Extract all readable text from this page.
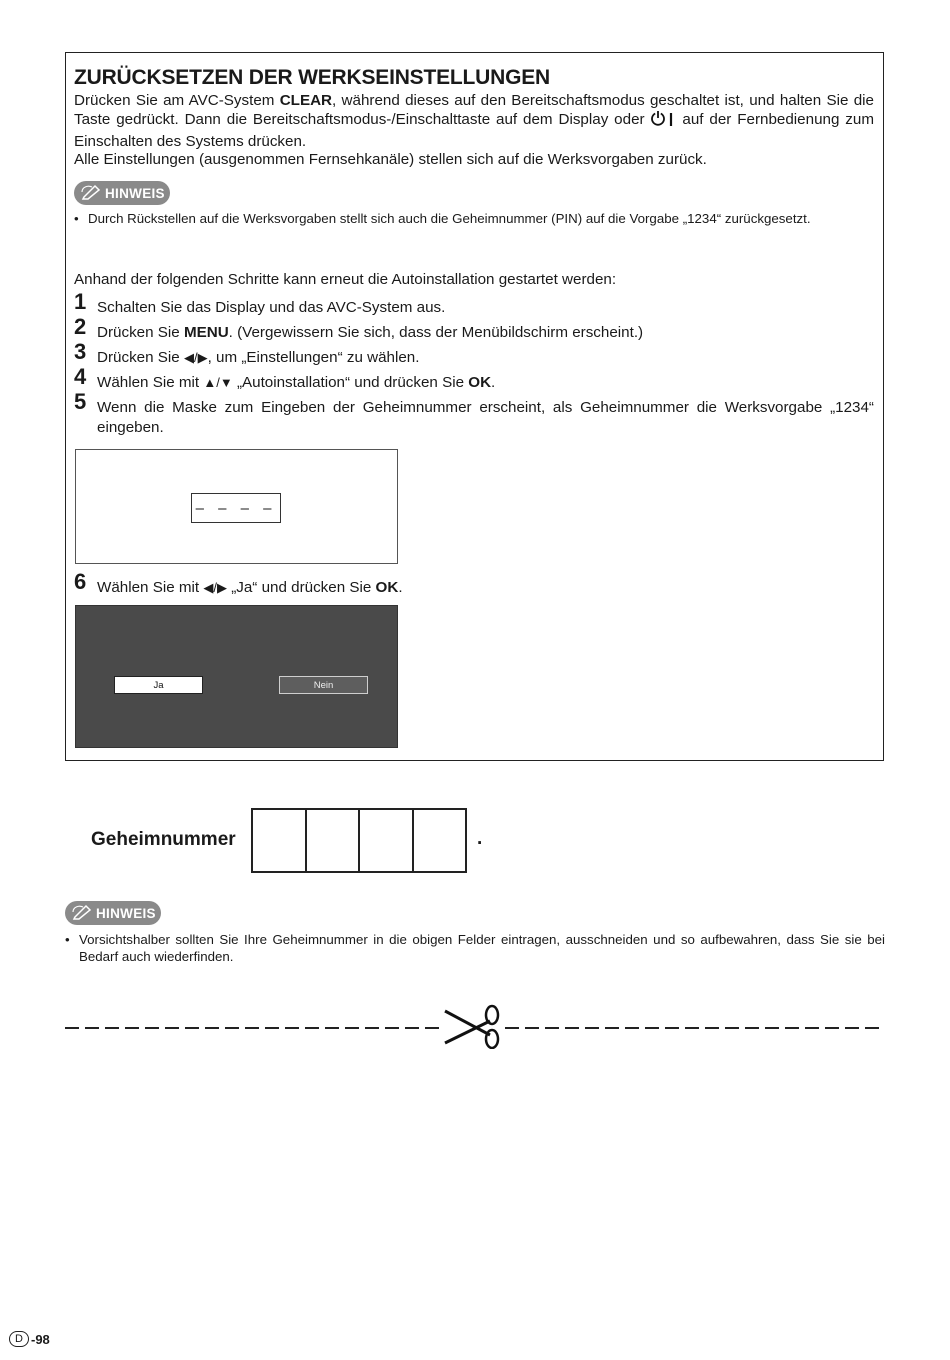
ZURÜCKSETZEN DER WERKSEINSTELLUNGEN
Drücken Sie am AVC-System CLEAR, während dieses auf den Bereitschaftsmodus geschaltet ist, und halten Sie die Taste gedrückt. Dann die Bereitschaftsmodus-/Einschalttaste auf dem Display oder  auf der Fernbedienung zum Einschalten des Systems drücken.
Alle Einstellungen (ausgenommen Fernsehkanäle) stellen sich auf die Werksvorgaben zurück.
HINWEIS
• Durch Rückstellen auf die Werksvorgaben stellt sich auch die Geheimnummer (PIN) auf die Vorgabe „1234“ zurückgesetzt.
Anhand der folgenden Schritte kann erneut die Autoinstallation gestartet werden:
1 Schalten Sie das Display und das AVC-System aus.
2 Drücken Sie MENU. (Vergewissern Sie sich, dass der Menübildschirm erscheint.)
3 Drücken Sie ◀/▶, um „Einstellungen“ zu wählen.
4 Wählen Sie mit ▲/▼ „Autoinstallation“ und drücken Sie OK.
5 Wenn die Maske zum Eingeben der Geheimnummer erscheint, als Geheimnummer die Werksvorgabe „1234“ eingeben.
– – – –
6 Wählen Sie mit ◀/▶ „Ja“ und drücken Sie OK.
Ja	Nein
Geheimnummer	.
HINWEIS
• Vorsichtshalber sollten Sie Ihre Geheimnummer in die obigen Felder eintragen, ausschneiden und so aufbewahren, dass Sie sie bei Bedarf auch wiederfinden.
D -98
